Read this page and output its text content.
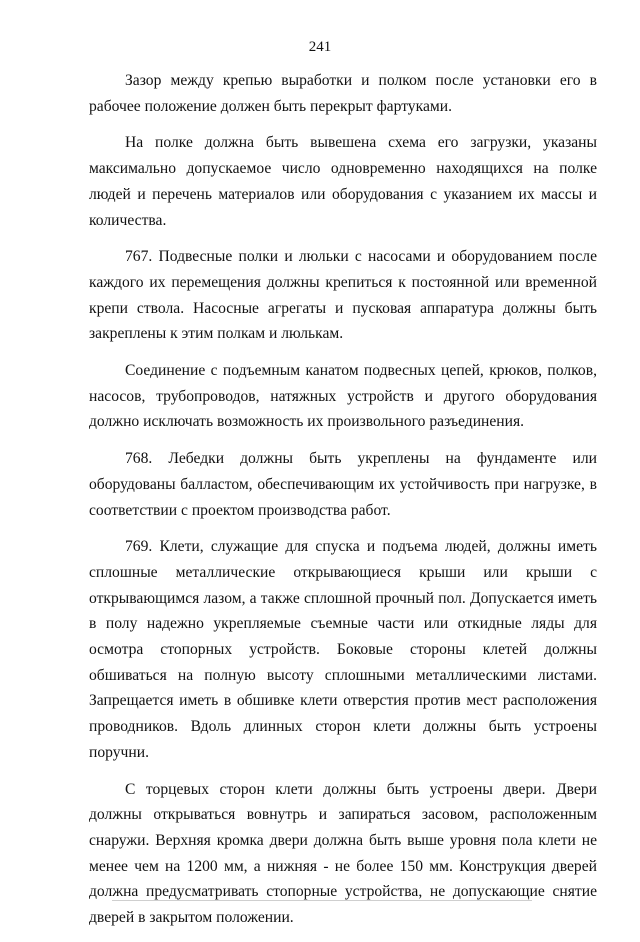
241

Зазор между крепью выработки и полком после установки его в рабочее положение должен быть перекрыт фартуками.

На полке должна быть вывешена схема его загрузки, указаны максимально допускаемое число одновременно находящихся на полке людей и перечень материалов или оборудования с указанием их массы и количества.

767. Подвесные полки и люльки с насосами и оборудованием после каждого их перемещения должны крепиться к постоянной или временной крепи ствола. Насосные агрегаты и пусковая аппаратура должны быть закреплены к этим полкам и люлькам.

Соединение с подъемным канатом подвесных цепей, крюков, полков, насосов, трубопроводов, натяжных устройств и другого оборудования должно исключать возможность их произвольного разъединения.

768. Лебедки должны быть укреплены на фундаменте или оборудованы балластом, обеспечивающим их устойчивость при нагрузке, в соответствии с проектом производства работ.

769. Клети, служащие для спуска и подъема людей, должны иметь сплошные металлические открывающиеся крыши или крыши с открывающимся лазом, а также сплошной прочный пол. Допускается иметь в полу надежно укрепляемые съемные части или откидные ляды для осмотра стопорных устройств. Боковые стороны клетей должны обшиваться на полную высоту сплошными металлическими листами. Запрещается иметь в обшивке клети отверстия против мест расположения проводников. Вдоль длинных сторон клети должны быть устроены поручни.

С торцевых сторон клети должны быть устроены двери. Двери должны открываться вовнутрь и запираться засовом, расположенным снаружи. Верхняя кромка двери должна быть выше уровня пола клети не менее чем на 1200 мм, а нижняя - не более 150 мм. Конструкция дверей должна предусматривать стопорные устройства, не допускающие снятие дверей в закрытом положении.
